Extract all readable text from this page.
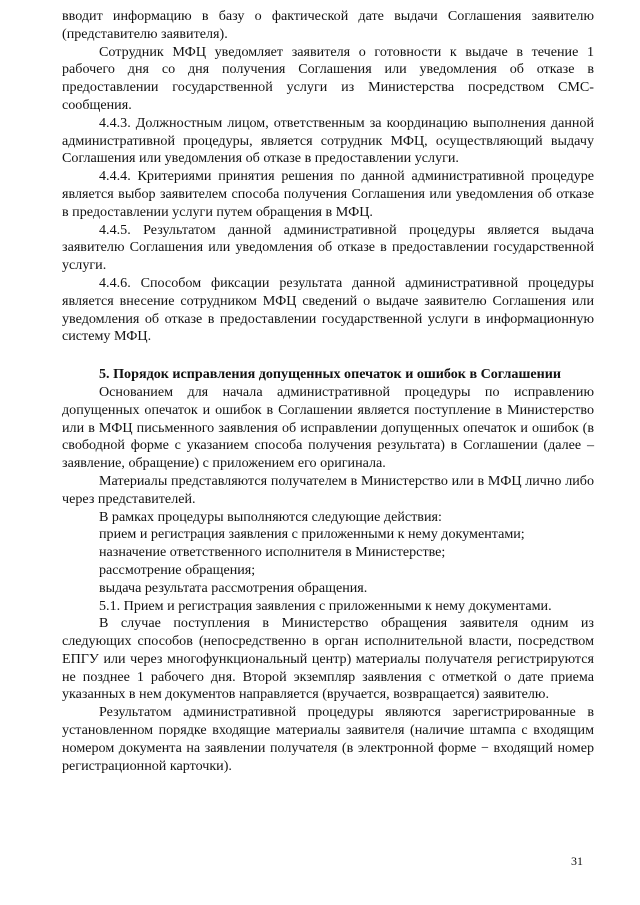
вводит информацию в базу о фактической дате выдачи Соглашения заявителю (представителю заявителя).

Сотрудник МФЦ уведомляет заявителя о готовности к выдаче в течение 1 рабочего дня со дня получения Соглашения или уведомления об отказе в предоставлении государственной услуги из Министерства посредством СМС-сообщения.

4.4.3. Должностным лицом, ответственным за координацию выполнения данной административной процедуры, является сотрудник МФЦ, осуществляющий выдачу Соглашения или уведомления об отказе в предоставлении услуги.

4.4.4. Критериями принятия решения по данной административной процедуре является выбор заявителем способа получения Соглашения или уведомления об отказе в предоставлении услуги путем обращения в МФЦ.

4.4.5. Результатом данной административной процедуры является выдача заявителю Соглашения или уведомления об отказе в предоставлении государственной услуги.

4.4.6. Способом фиксации результата данной административной процедуры является внесение сотрудником МФЦ сведений о выдаче заявителю Соглашения или уведомления об отказе в предоставлении государственной услуги в информационную систему МФЦ.

5. Порядок исправления допущенных опечаток и ошибок в Соглашении

Основанием для начала административной процедуры по исправлению допущенных опечаток и ошибок в Соглашении является поступление в Министерство или в МФЦ письменного заявления об исправлении допущенных опечаток и ошибок (в свободной форме с указанием способа получения результата) в Соглашении (далее – заявление, обращение) с приложением его оригинала.

Материалы представляются получателем в Министерство или в МФЦ лично либо через представителей.

В рамках процедуры выполняются следующие действия:

прием и регистрация заявления с приложенными к нему документами;

назначение ответственного исполнителя в Министерстве;

рассмотрение обращения;

выдача результата рассмотрения обращения.

5.1. Прием и регистрация заявления с приложенными к нему документами.

В случае поступления в Министерство обращения заявителя одним из следующих способов (непосредственно в орган исполнительной власти, посредством ЕПГУ или через многофункциональный центр) материалы получателя регистрируются не позднее 1 рабочего дня. Второй экземпляр заявления с отметкой о дате приема указанных в нем документов направляется (вручается, возвращается) заявителю.

Результатом административной процедуры являются зарегистрированные в установленном порядке входящие материалы заявителя (наличие штампа с входящим номером документа на заявлении получателя (в электронной форме − входящий номер регистрационной карточки).

31
